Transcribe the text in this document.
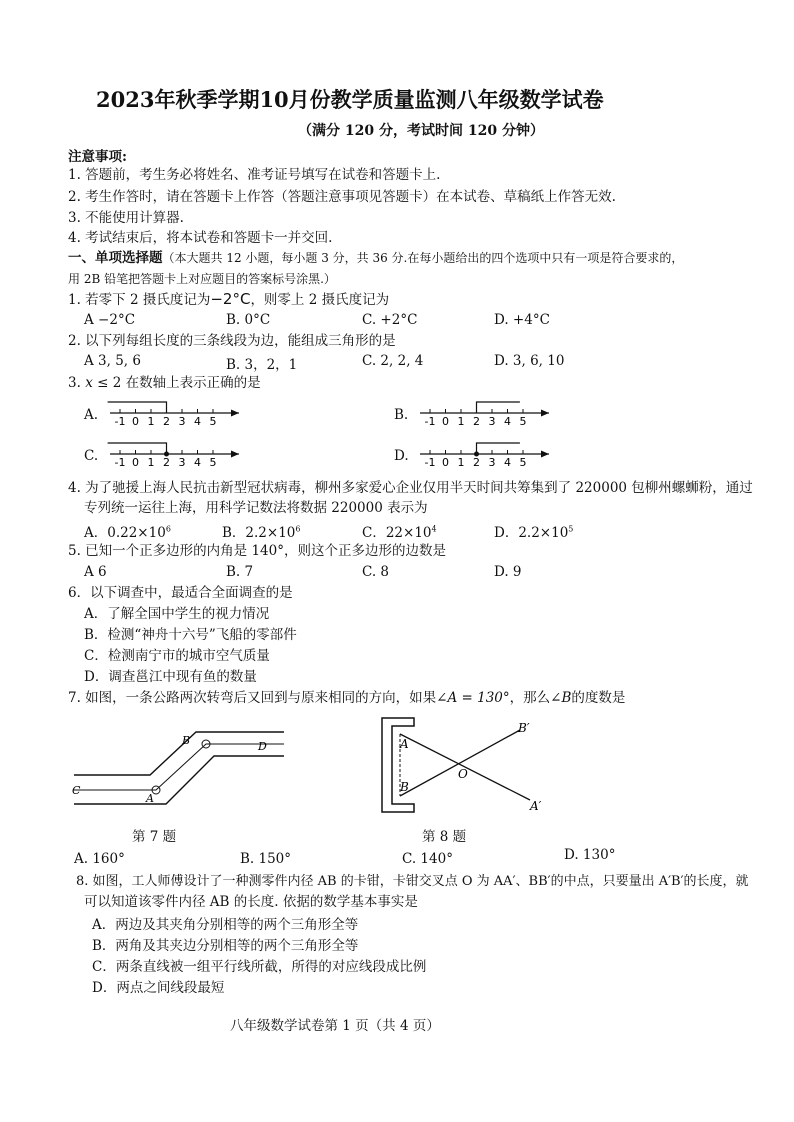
2023年秋季学期10月份教学质量监测八年级数学试卷
（满分 120 分，考试时间 120 分钟）
注意事项:
1. 答题前，考生务必将姓名、准考证号填写在试卷和答题卡上.
2. 考生作答时，请在答题卡上作答（答题注意事项见答题卡）在本试卷、草稿纸上作答无效.
3. 不能使用计算器.
4. 考试结束后，将本试卷和答题卡一并交回.
一、单项选择题（本大题共 12 小题，每小题 3 分，共 36 分.在每小题给出的四个选项中只有一项是符合要求的，
用 2B 铅笔把答题卡上对应题目的答案标号涂黑.）
1. 若零下 2 摄氏度记为−2°C，则零上 2 摄氏度记为
A −2°C	B. 0°C	C. +2°C	D. +4°C
2. 以下列每组长度的三条线段为边，能组成三角形的是
A 3, 5, 6	B. 3，2，1	C. 2, 2, 4	D. 3, 6, 10
3. x ≤ 2 在数轴上表示正确的是
A.	B.
C.	D.
-1 0 1 2 3 4 5	-1 0 1 2 3 4 5
-1 0 1 2 3 4 5	-1 0 1 2 3 4 5
4. 为了驰援上海人民抗击新型冠状病毒，柳州多家爱心企业仅用半天时间共筹集到了 220000 包柳州螺蛳粉，通过
专列统一运往上海，用科学记数法将数据 220000 表示为
A．$0.22\times 10^6$	B．$2.2\times 10^6$	C．$22\times 10^4$	D．$2.2\times 10^5$
5. 已知一个正多边形的内角是 140°，则这个正多边形的边数是
A 6	B. 7	C. 8	D. 9
6．以下调查中，最适合全面调查的是
A．了解全国中学生的视力情况
B．检测“神舟十六号”飞船的零部件
C．检测南宁市的城市空气质量
D．调查邕江中现有鱼的数量
7. 如图，一条公路两次转弯后又回到与原来相同的方向，如果∠A = 130°，那么∠B的度数是
A
B
C
D	A
B
O
B′
A′
第 7 题	第 8 题
A. 160°	B. 150°	C. 140°	D. 130°
8. 如图，工人师傅设计了一种测零件内径 AB 的卡钳，卡钳交叉点 O 为 AA′、BB′的中点，只要量出 A′B′的长度，就
可以知道该零件内径 AB 的长度. 依据的数学基本事实是
A．两边及其夹角分别相等的两个三角形全等
B．两角及其夹边分别相等的两个三角形全等
C．两条直线被一组平行线所截，所得的对应线段成比例
D．两点之间线段最短
八年级数学试卷第 1 页（共 4 页）
